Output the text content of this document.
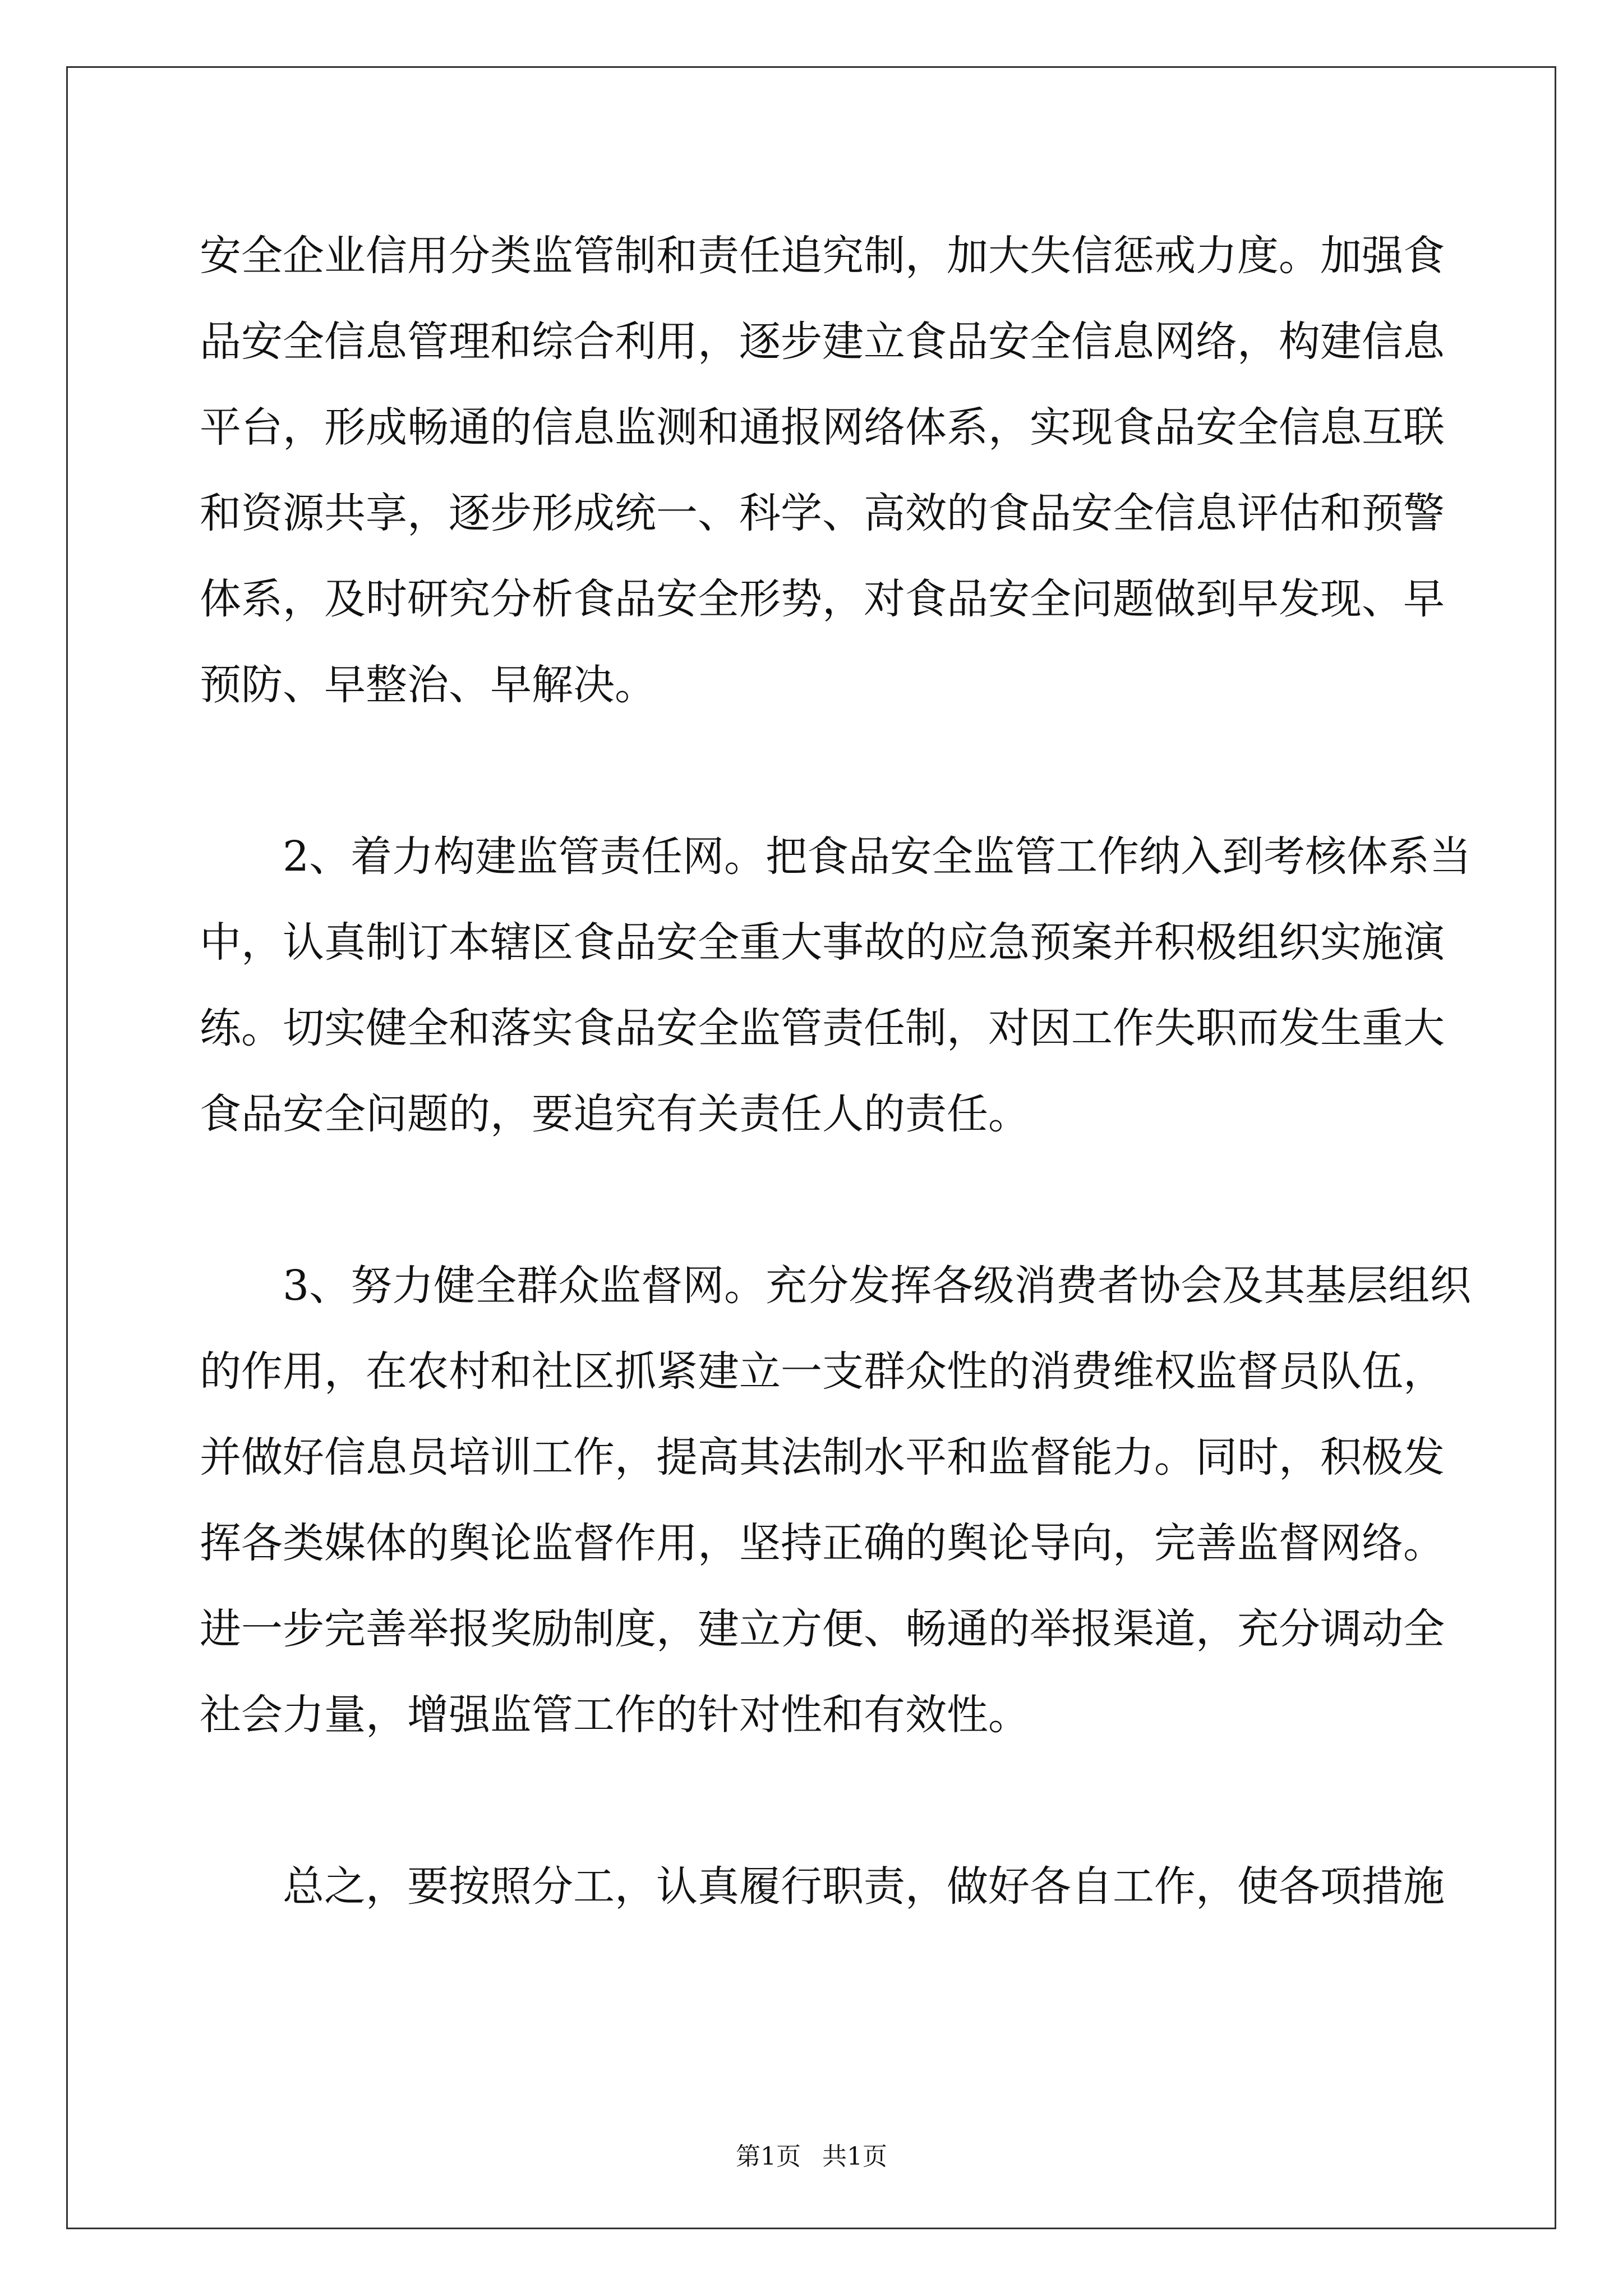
安全企业信用分类监管制和责任追究制，加大失信惩戒力度。加强食
品安全信息管理和综合利用，逐步建立食品安全信息网络，构建信息
平台，形成畅通的信息监测和通报网络体系，实现食品安全信息互联
和资源共享，逐步形成统一、科学、高效的食品安全信息评估和预警
体系，及时研究分析食品安全形势，对食品安全问题做到早发现、早
预防、早整治、早解决。
2、着力构建监管责任网。把食品安全监管工作纳入到考核体系当
中，认真制订本辖区食品安全重大事故的应急预案并积极组织实施演
练。切实健全和落实食品安全监管责任制，对因工作失职而发生重大
食品安全问题的，要追究有关责任人的责任。
3、努力健全群众监督网。充分发挥各级消费者协会及其基层组织
的作用，在农村和社区抓紧建立一支群众性的消费维权监督员队伍，
并做好信息员培训工作，提高其法制水平和监督能力。同时，积极发
挥各类媒体的舆论监督作用，坚持正确的舆论导向，完善监督网络。
进一步完善举报奖励制度，建立方便、畅通的举报渠道，充分调动全
社会力量，增强监管工作的针对性和有效性。
总之，要按照分工，认真履行职责，做好各自工作，使各项措施
第1页 共1页
